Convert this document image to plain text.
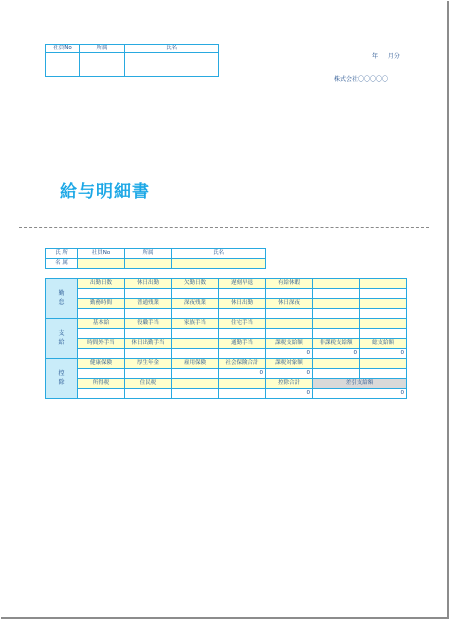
社員No	所属	氏名

年　 月分
株式会社〇〇〇〇〇
給与明細書
氏 所	社員No	所属	氏名
名 属			
勤
怠	出勤日数	休日出勤	欠勤日数	遅刻早退	有給休暇		

	勤務時間	普通残業	深夜残業	休日出勤	休日深夜		

支
給	基本給	役職手当	家族手当	住宅手当			

	時間外手当	休日出勤手当		通勤手当	課税支給額	非課税支給額	総支給額
					0	0	0
控
除	健康保険	厚生年金	雇用保険	社会保険合計	課税対象額		
				0	0		
	所得税	住民税			控除合計	差引支給額	
					0	0	
